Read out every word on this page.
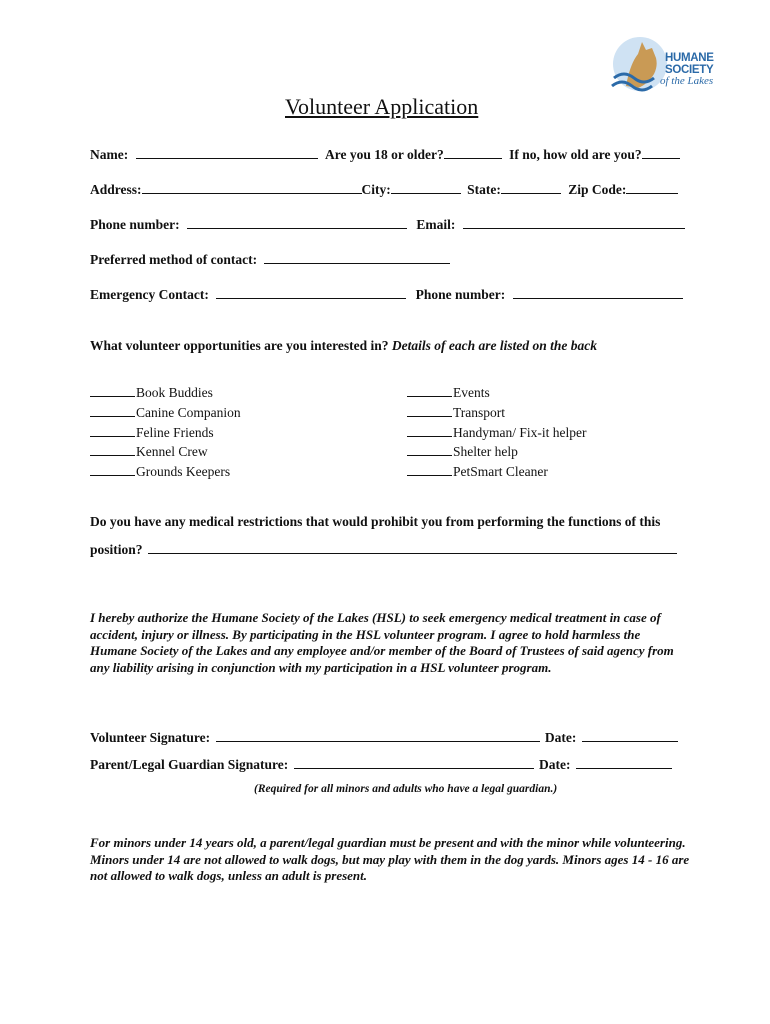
HUMANE
SOCIETY
of the Lakes
Volunteer Application
Name:	Are you 18 or older?	If no, how old are you?
Address:	City:	State:	Zip Code:
Phone number:	Email:
Preferred method of contact:
Emergency Contact:	Phone number:
What volunteer opportunities are you interested in? Details of each are listed on the back
Book Buddies
Canine Companion
Feline Friends
Kennel Crew
Grounds Keepers
Events
Transport
Handyman/ Fix-it helper
Shelter help
PetSmart Cleaner
Do you have any medical restrictions that would prohibit you from performing the functions of this
position?
I hereby authorize the Humane Society of the Lakes (HSL) to seek emergency medical treatment in case of accident, injury or illness. By participating in the HSL volunteer program. I agree to hold harmless the Humane Society of the Lakes and any employee and/or member of the Board of Trustees of said agency from any liability arising in conjunction with my participation in a HSL volunteer program.
Volunteer Signature:	Date:
Parent/Legal Guardian Signature:	Date:
(Required for all minors and adults who have a legal guardian.)
For minors under 14 years old, a parent/legal guardian must be present and with the minor while volunteering. Minors under 14 are not allowed to walk dogs, but may play with them in the dog yards. Minors ages 14 - 16 are not allowed to walk dogs, unless an adult is present.
